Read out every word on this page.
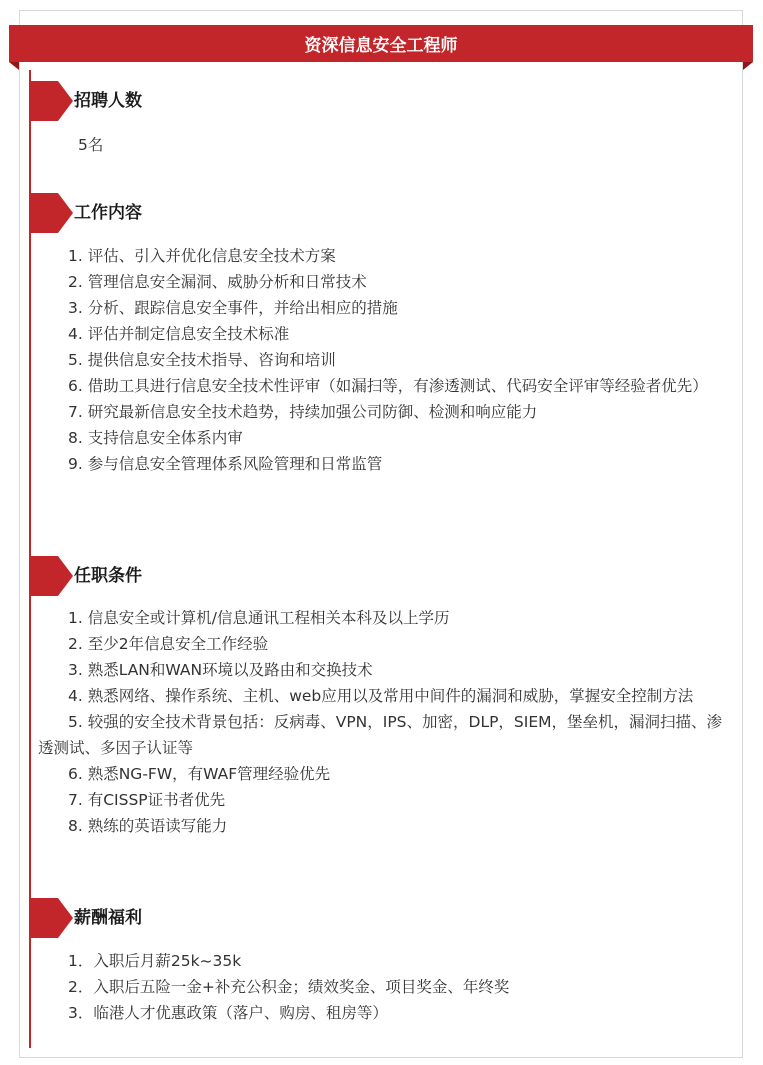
资深信息安全工程师
招聘人数
5名
工作内容

1. 评估、引入并优化信息安全技术方案

2. 管理信息安全漏洞、威胁分析和日常技术

3. 分析、跟踪信息安全事件，并给出相应的措施

4. 评估并制定信息安全技术标准

5. 提供信息安全技术指导、咨询和培训

6. 借助工具进行信息安全技术性评审（如漏扫等，有渗透测试、代码安全评审等经验者优先）

7. 研究最新信息安全技术趋势，持续加强公司防御、检测和响应能力

8. 支持信息安全体系内审

9. 参与信息安全管理体系风险管理和日常监管

任职条件

1. 信息安全或计算机/信息通讯工程相关本科及以上学历

2. 至少2年信息安全工作经验

3. 熟悉LAN和WAN环境以及路由和交换技术

4. 熟悉网络、操作系统、主机、web应用以及常用中间件的漏洞和威胁，掌握安全控制方法

5. 较强的安全技术背景包括：反病毒、VPN，IPS、加密，DLP，SIEM，堡垒机，漏洞扫描、渗透测试、多因子认证等

6. 熟悉NG-FW，有WAF管理经验优先

7. 有CISSP证书者优先

8. 熟练的英语读写能力

薪酬福利

1．入职后月薪25k~35k

2．入职后五险一金+补充公积金；绩效奖金、项目奖金、年终奖

3．临港人才优惠政策（落户、购房、租房等）
